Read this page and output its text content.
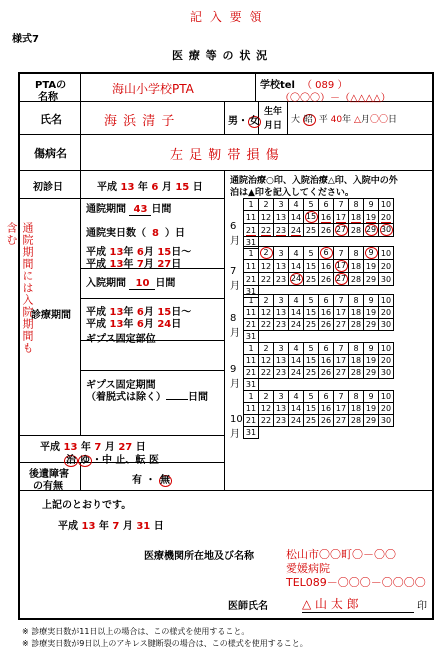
記 入 要 領
様式7
医 療 等 の 状 況
通院期間には入院期間も含む
PTAの
名称
海山小学校PTA	学校tel （ 089 ）
（〇〇〇）－（△△△△）
氏名	海 浜 清 子	男・女
生年
月日
大 昭 平 40年 △月〇〇日
傷病名	左 足 靭 帯 損 傷
初診日	平成 13 年 6 月 15 日
通院治療○印、入院治療△印、入院中の外
泊は▲印を記入してください。
診療期間
通院期間 43 日間
通院実日数（ 8 ）日
平成 13年 6月 15日～
平成 13年 7月 27日
入院期間 10 日間
平成 13年 6月 15日～
平成 13年 6月 24日
ギプス固定部位
ギプス固定期間
（着脱式は除く） 日間
平成 13 年 7 月 27 日
治 ゆ ・中 止、転 医
後遺障害
の有無
有 ・ 無
6
月
7
月
8
月
9
月
10
月
1	2	3	4	5	6	7	8	9	10
11	12	13	14	15	16	17	18	19	20
21	22	23	24	25	26	27	28	29	30
31									
1	2	3	4	5	6	7	8	9	10
11	12	13	14	15	16	17	18	19	20
21	22	23	24	25	26	27	28	29	30
31									
1	2	3	4	5	6	7	8	9	10
11	12	13	14	15	16	17	18	19	20
21	22	23	24	25	26	27	28	29	30
31									
1	2	3	4	5	6	7	8	9	10
11	12	13	14	15	16	17	18	19	20
21	22	23	24	25	26	27	28	29	30
31									
1	2	3	4	5	6	7	8	9	10
11	12	13	14	15	16	17	18	19	20
21	22	23	24	25	26	27	28	29	30
31									
上記のとおりです。
平成 13 年 7 月 31 日
医療機関所在地及び名称	松山市〇〇町〇－〇〇
愛媛病院
TEL089－〇〇〇－〇〇〇〇
医師氏名	△ 山 太 郎	印
※ 診療実日数が11日以上の場合は、この様式を使用すること。
※ 診療実日数が9日以上のアキレス腱断裂の場合は、この様式を使用すること。
